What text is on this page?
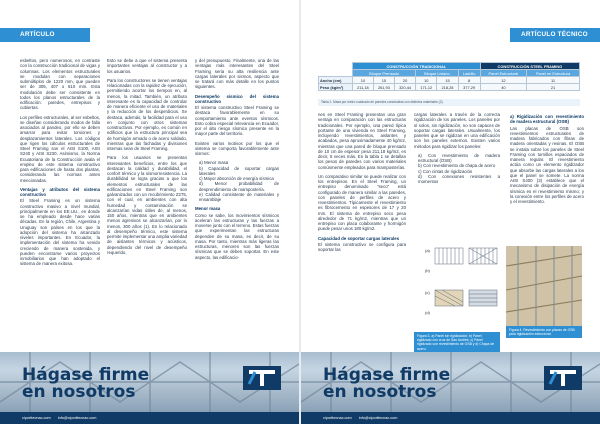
ARTÍCULO TÉCNICO

esbeltos, pero numerosos, en contraste con la construcción tradicional de vigas y columnas. Los elementos estructurales se modulan con separaciones submúltiplos de 1220 mm, que pueden ser de 305, 407 o 610 mm. Esta modulación debe ser consistente en todos los planos estructurales de la edificación: paredes, entrepisos y cubiertas.

Los perfiles estructurales, al ser esbeltos, se diseñan considerando modos de falla asociados al pandeo, por ello se deben amarrar para evitar torsiones y desplazamientos laterales. Los códigos que rigen los cálculos estructurales de Steel Framing son el AISI S100, AISI S240 y AISI S230. Asimismo, la Norma Ecuatoriana de la Construcción avala el empleo de este sistema constructivo para edificaciones de hasta dos plantas, considerando las normas antes mencionadas.

Ventajas y atributos del sistema constructivo

El Steel Framing es un sistema constructivo masivo a nivel mundial, principalmente en los EE.UU., en donde se ha empleado desde hace varias décadas. En la región, Chile, Argentina y Uruguay son países en los que la adopción del sistema ha alcanzado niveles importantes. En Ecuador, la implementación del sistema ha venido creciendo de manera sostenida, y pueden encontrarse varios proyectos inmobiliarios que han adoptado el sistema de manera exitosa.

Esto se debe a que el sistema presenta importantes ventajas al constructor y a los usuarios.

Para los constructores se tienen ventajas relacionadas con la rapidez de ejecución, permitiendo acortar los tiempos en, al menos, la mitad. También, un atributo interesante es la capacidad de controlar de manera eficiente el uso de materiales y la reducción de los desperdicios. Se destaca, además, la facilidad para el uso en conjunto con otros sistemas constructivos. Por ejemplo, es común en edificios que la estructura principal sea de hormigón armado o de acero soldado, mientras que las fachadas y divisiones internas sean de Steel Framing.

Para los usuarios se presentan interesantes beneficios, entre los que destacan la calidad y durabilidad, el confort térmico y la sismorresistencia. La durabilidad se logra gracias a que los elementos estructurales de las edificaciones en Steel Framing son galvanizados con un recubrimiento Z275, con el cual, en ambientes con alta humedad y contaminación se alcanzarían vidas útiles de, al menos, 150 años, mientras que en ambientes menos agresivos se alcanzarían, por lo menos, 300 años (1). En lo relacionado al desempeño térmico, este sistema permite implementar una amplia variedad de aislantes térmicos y acústicos, dependiendo del nivel de desempeño requerido,

y del presupuesto. Finalmente, una de las ventajas más interesantes del Steel Framing seria su alta resiliencia ante cargas laterales por sismos, aspecto que se tratará con más detalle en los puntos siguientes.

Desempeño sísmico del sistema constructivo

El sistema constructivo Steel Framing se destaca favorablemente en su comportamiento ante eventos sísmicos. Esto cobra especial relevancia en Ecuador, por el alto riesgo sísmico presente en la mayor parte del territorio.

Existen varios motivos por los que el sistema se comporta favorablemente ante sismos:

a) Menor masa
b) Capacidad de soportar cargas laterales
c) Mayor absorción de energía sísmica
d) Menor probabilidad de desprendimiento de mampostería.
e) Calidad consistente de materiales y ensamblaje
Menor masa

Como se sabe, los movimientos sísmicos aceleran las estructuras y las fuerzas a moverse junto con el terreno. Estas fuerzas que experimentan las estructuras dependen de su masa, es decir, de su masa. Por tanto, mientras más ligeras las estructuras, menores son las fuerzas sísmicas que se deben soportar. En este aspecto, las edificacio-

Hágase firme
en nosotros
ciporttecnac.com info@ciporttecnac.com
ARTÍCULO TÉCNICO
	CONSTRUCCIÓN TRADICIONAL						CONSTRUCCIÓN STEEL FRAMING	
	Bloque Prensado			Bloque Liviano		Ladrillo	Panel Estructural	Panel en Estructura
Ancho (cm)	10	15	20	10	15	8	12	11
Peso (kg/m²)	211,18	261,93	320,44	171,12	218,28	377,29	40	21
Tabla 1. Masa por metro cuadrado de paredes construidas con distintos materiales (2).

nes en Steel Framing presentan una gran ventaja en comparación con las estructuras tradicionales. Por ejemplo, una pared típica portante de una vivienda en Steel Framing, incluyendo revestimientos, aislantes y acabados, pesa aproximadamente 40 kg/m2, mientras que una pared de bloque prensado de 10 cm de espesor pesa 211,18 kg/m2, es decir, 5 veces más. En la tabla 1 se detallan los pesos de paredes con varios materiales comúnmente empleados para mamposterías.

Un comparativo similar se puede realizar con los entrepisos. En el Steel Framing, un entrepiso denominado "seco" está configurado de manera similar a las paredes, con paneles de perfiles de acero y revestimientos. Típicamente el revestimiento es fibrocemento en espesores de 17 y 20 mm. El sistema de entrepiso seco pesa alrededor de 71 kg/m2, mientras que un entrepiso con placa colaborante y hormigón puede pesar unos 180 kg/m2.

Capacidad de soportar cargas laterales

El sistema constructivo se configura para soportar las

cargas laterales a través de la correcta rigidización de los paneles. Los paneles por sí solos, sin rigidización, no son capaces de soportar cargas laterales. Usualmente, los paneles que se rigidizan en una edificación son los paneles externos. Existen varios métodos para rigidizar los paneles:

a) Con revestimiento de madera estructural (OSB)
b) Con revestimiento de chapa de acero
c) Con cintas de rigidización
d) Con conexiones resistentes a momentos
(a)
(b)
(c)
(d)
Figura 3. a) Panel sin rigidización; b) Panel rigidizado con cruz de San Andrés; c) Panel rigidizado con revestimiento de OSB y d) Chapa de acero.
a) Rigidización con revestimiento de madera estructural (OSB)

Las placas de OSB son revestimientos estructurales de madera fabricados con fibras de madera orientadas y resinas. El OSB se instala sobre los paneles de Steel Framing con tornillos espaciados de manera regular. El revestimiento actúa como un elemento rigidizador que absorbe las cargas laterales a los que el panel se somete. La norma AISI S400 (3) establece que el mecanismo de disipación de energía sísmica es el revestimiento mismo; y la conexión entre los perfiles de acero y el revestimiento.

Figura 4. Revestimiento con placas de OSB para rigidización estructural.
Hágase firme
en nosotros
ciporttecnac.com info@ciporttecnac.com
